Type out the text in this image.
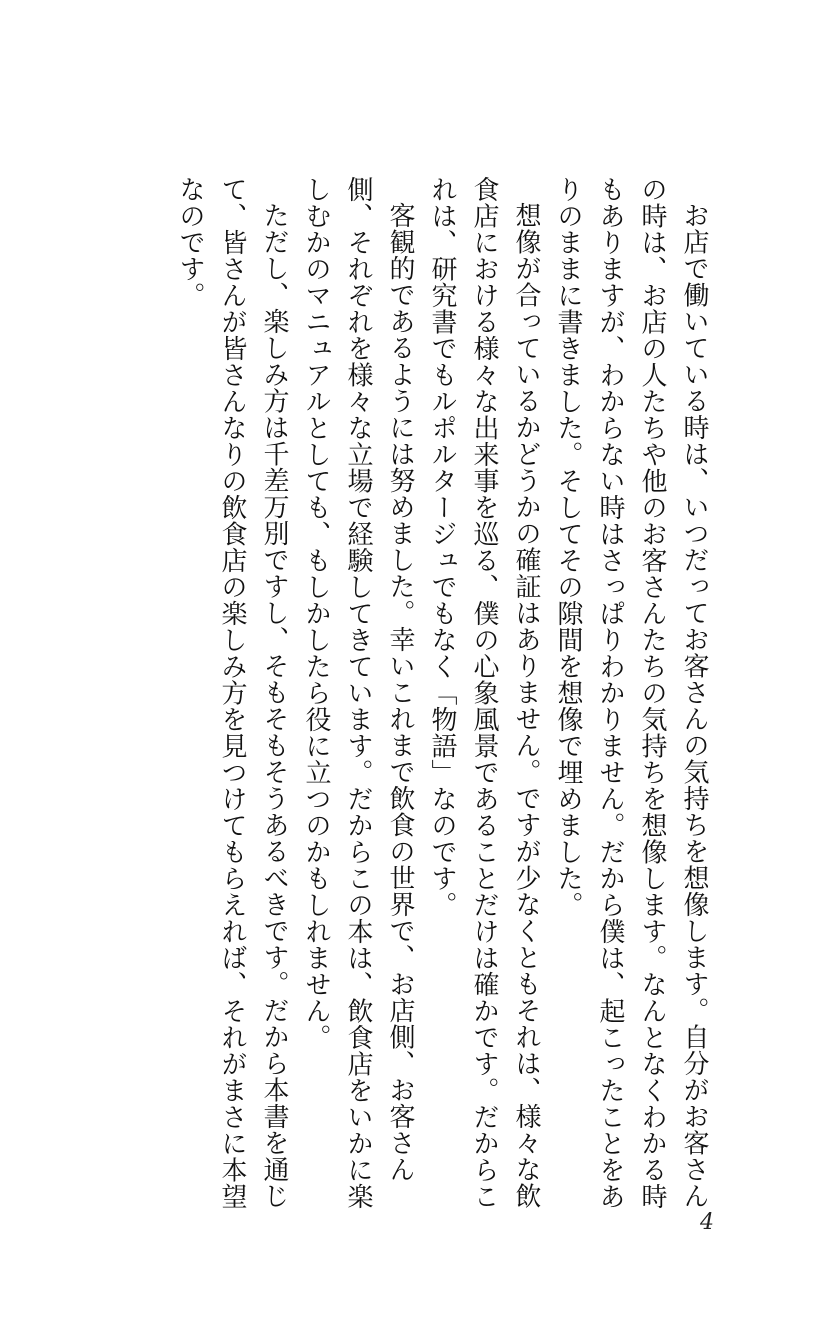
お店で働いている時は、いつだってお客さんの気持ちを想像します。自分がお客さんの時は、お店の人たちや他のお客さんたちの気持ちを想像します。なんとなくわかる時もありますが、わからない時はさっぱりわかりません。だから僕は、起こったことをありのままに書きました。そしてその隙間を想像で埋めました。

想像が合っているかどうかの確証はありません。ですが少なくともそれは、様々な飲食店における様々な出来事を巡る、僕の心象風景であることだけは確かです。だからこれは、研究書でもルポルタージュでもなく「物語」なのです。

客観的であるようには努めました。幸いこれまで飲食の世界で、お店側、お客さん側、それぞれを様々な立場で経験してきています。だからこの本は、飲食店をいかに楽しむかのマニュアルとしても、もしかしたら役に立つのかもしれません。

ただし、楽しみ方は千差万別ですし、そもそもそうあるべきです。だから本書を通じて、皆さんが皆さんなりの飲食店の楽しみ方を見つけてもらえれば、それがまさに本望なのです。

4
